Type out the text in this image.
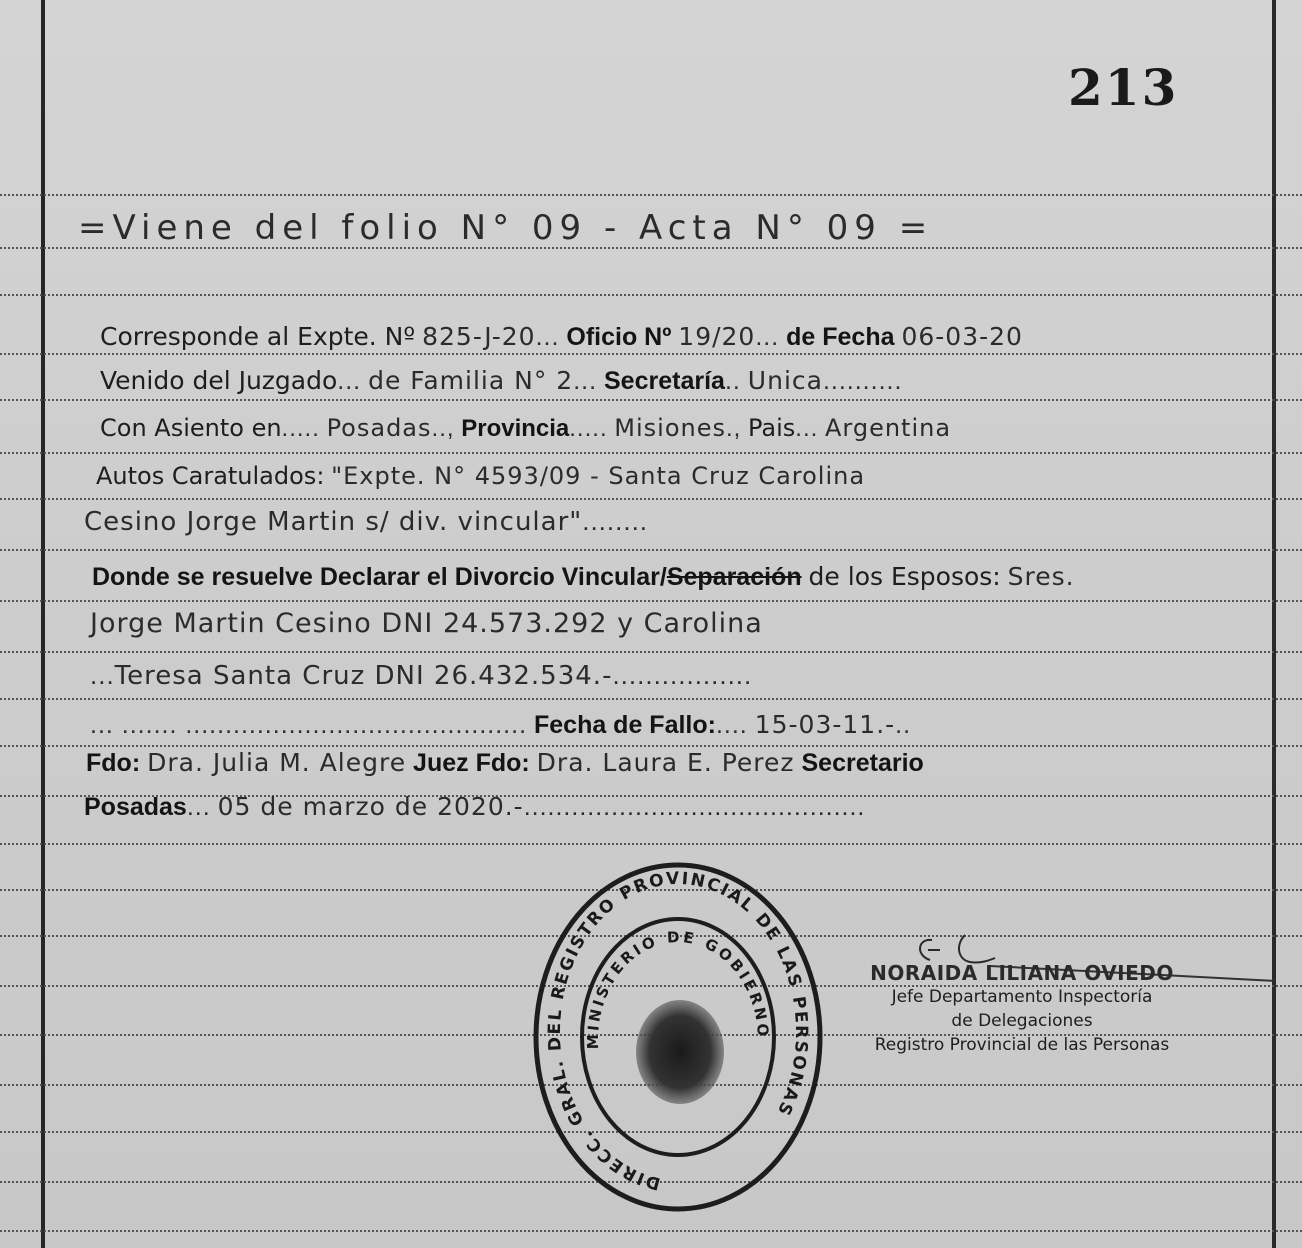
213
=Viene del folio N° 09 - Acta N° 09 =
Corresponde al Expte. Nº 825-J-20... Oficio Nº 19/20... de Fecha 06-03-20
Venido del Juzgado... de Familia N° 2... Secretaría.. Unica..........
Con Asiento en..... Posadas.., Provincia..... Misiones., Pais... Argentina
Autos Caratulados: "Expte. N° 4593/09 - Santa Cruz Carolina
Cesino Jorge Martin s/ div. vincular"........
Donde se resuelve Declarar el Divorcio Vincular/Separación de los Esposos: Sres.
Jorge Martin Cesino DNI 24.573.292 y Carolina
...Teresa Santa Cruz DNI 26.432.534.-.................
... ....... ........................................... Fecha de Fallo:.... 15-03-11.-..
Fdo: Dra. Julia M. Alegre Juez Fdo: Dra. Laura E. Perez Secretario
Posadas... 05 de marzo de 2020.-...........................................
DIRECC. GRAL. DEL REGISTRO PROVINCIAL DE LAS PERSONAS
MINISTERIO DE GOBIERNO
NORAIDA LILIANA OVIEDO
Jefe Departamento Inspectoría
de Delegaciones
Registro Provincial de las Personas
